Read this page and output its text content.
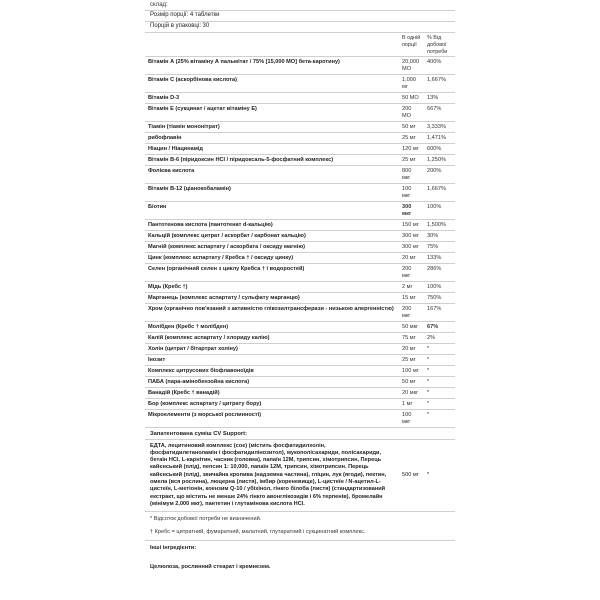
склад:
Розмір порції: 4 таблетки
Порцій в упаковці: 30
	В одній порції	% Від добової потреби
Вітамін А (25% вітаміну А пальмітат / 75% [15,000 МО] бета-каротину)	20,000 МО	400%
Вітамін С (аскорбінова кислота)	1,000 мг	1,667%
Вітамін D-3	50 МО	13%
Вітамін Е (сукцинат / ацетат вітаміну Е)	200 МО	667%
Тіамін (тіамін мононітрат)	50 мг	3,333%
рибофлавін	25 мг	1,471%
Ніацин / Ніацинамід	120 мг	600%
Вітамін В-6 (піридоксин HCl / піридоксаль-5-фосфатний комплекс)	25 мг	1,250%
Фолієва кислота	800 мкг	200%
Вітамін В-12 (ціанокобаламін)	100 мкг	1,667%
Біотин	300 мкг	100%
Пантотенова кислота (пантотенат d-кальцію)	150 мг	1,500%
Кальцій (комплекс цитрат / аскорбат / карбонат кальцію)	300 мг	30%
Магній (комплекс аспартату / аскорбата / оксиду магнію)	300 мг	75%
Цинк (комплекс аспартату / Кребса † / оксиду цинку)	20 мг	133%
Селен (органічний селен з циклу Кребса † і водоростей)	200 мкг	286%
Мідь (Кребс †)	2 мг	100%
Марганець (комплекс аспартату / сульфату марганцю)	15 мг	750%
Хром (органічно пов'язаний з активністю глікозилтрансферази - низькою алергенністю)	200 мкг	167%
Молібден (Кребс † молібден)	50 мкг	67%
Калій (комплекс аспартату / хлориду калію)	75 мг	2%
Холін (цитрат / бітартрат холіну)	20 мг	*
Інозит	25 мг	*
Комплекс цитрусових біофлавоноїдів	100 мг	*
ПАБА (пара-амінобензойна кислота)	50 мг	*
Ванадій (Кребс † ванадій)	20 мкг	*
Бор (комплекс аспартату / цитрату бору)	1 мг	*
Мікроелементи (з морської рослинності)	100 мкг	*
Запатентована суміш CV Support:
ЕДТА, лецитиновий комплекс (сое) (містить фосфатидилхолін, фосфатидилетаноламін і фосфатидилінозитол), мукополісахариди, полісахариди, бетаїн HCl, L-карнітин, часник (головка), папаїн 12М, трипсин, хімотрипсин, Перець кайєнський (плід), пепсин 1: 10,000, папаїн 12М, трипсин, хімотрипсин. Перець кайєнський (плід), звичайна кропива (надземна частина), гліцин, лук (ягоди), пектин, омела (вся рослина), люцерна (листя), імбир (кореневище), L-цистеїн / N-ацетил-L-цистеїн, L-метіонін, коензим Q-10 / убіхінол, гінкго білоба (листя) (стандартизований екстракт, що містить не менше 24% гінкго авонглікозидів і 6% терпенів), бромелайн (мінімум 2,000 мкг), пантетин і глутамінова кислота HCl.
500 мг	*
* Відсоток добової потреби не визначений.
† Кребс = цитратний, фумаратний, малатний, глутаратний і сукцинатний комплекс.
Інші інгредієнти:
Целюлоза, рослинний стеарат і кремнезем.
